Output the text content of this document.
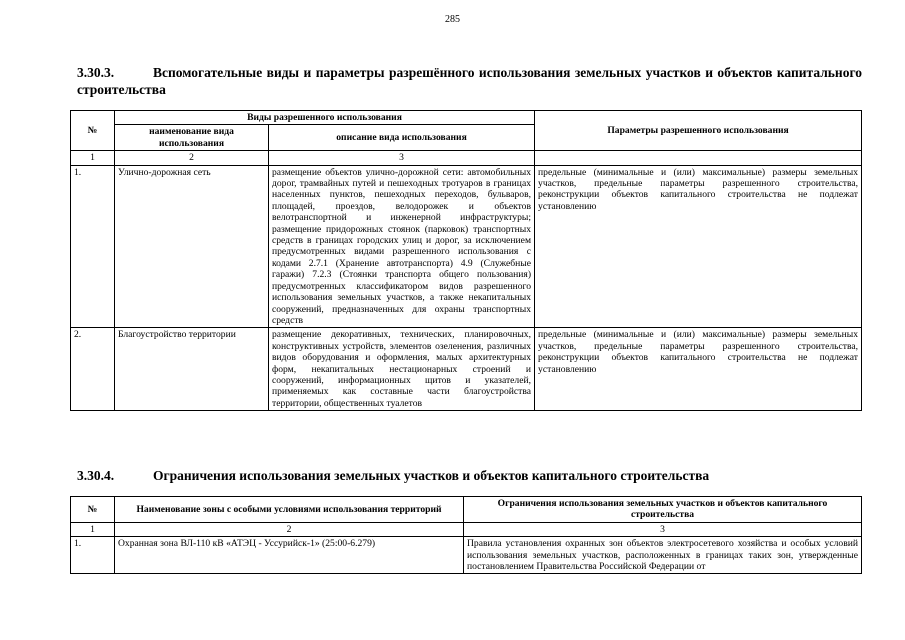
285
3.30.3.	Вспомогательные виды и параметры разрешённого использования земельных участков и объектов капитального строительства
№	Виды разрешенного использования		Параметры разрешенного использования
	наименование вида использования	описание вида использования	
1	2	3	
1.	Улично-дорожная сеть	размещение объектов улично-дорожной сети: автомобильных дорог, трамвайных путей и пешеходных тротуаров в границах населенных пунктов, пешеходных переходов, бульваров, площадей, проездов, велодорожек и объектов велотранспортной и инженерной инфраструктуры; размещение придорожных стоянок (парковок) транспортных средств в границах городских улиц и дорог, за исключением предусмотренных видами разрешенного использования с кодами 2.7.1 (Хранение автотранспорта) 4.9 (Служебные гаражи) 7.2.3 (Стоянки транспорта общего пользования) предусмотренных классификатором видов разрешенного использования земельных участков, а также некапитальных сооружений, предназначенных для охраны транспортных средств	предельные (минимальные и (или) максимальные) размеры земельных участков, предельные параметры разрешенного строительства, реконструкции объектов капитального строительства не подлежат установлению
2.	Благоустройство территории	размещение декоративных, технических, планировочных, конструктивных устройств, элементов озеленения, различных видов оборудования и оформления, малых архитектурных форм, некапитальных нестационарных строений и сооружений, информационных щитов и указателей, применяемых как составные части благоустройства территории, общественных туалетов	предельные (минимальные и (или) максимальные) размеры земельных участков, предельные параметры разрешенного строительства, реконструкции объектов капитального строительства не подлежат установлению
3.30.4.	Ограничения использования земельных участков и объектов капитального строительства
№	Наименование зоны с особыми условиями использования территорий	Ограничения использования земельных участков и объектов капитального строительства
1	2	3
1.	Охранная зона ВЛ-110 кВ «АТЭЦ - Уссурийск-1» (25:00-6.279)	Правила установления охранных зон объектов электросетевого хозяйства и особых условий использования земельных участков, расположенных в границах таких зон, утвержденные постановлением Правительства Российской Федерации от
